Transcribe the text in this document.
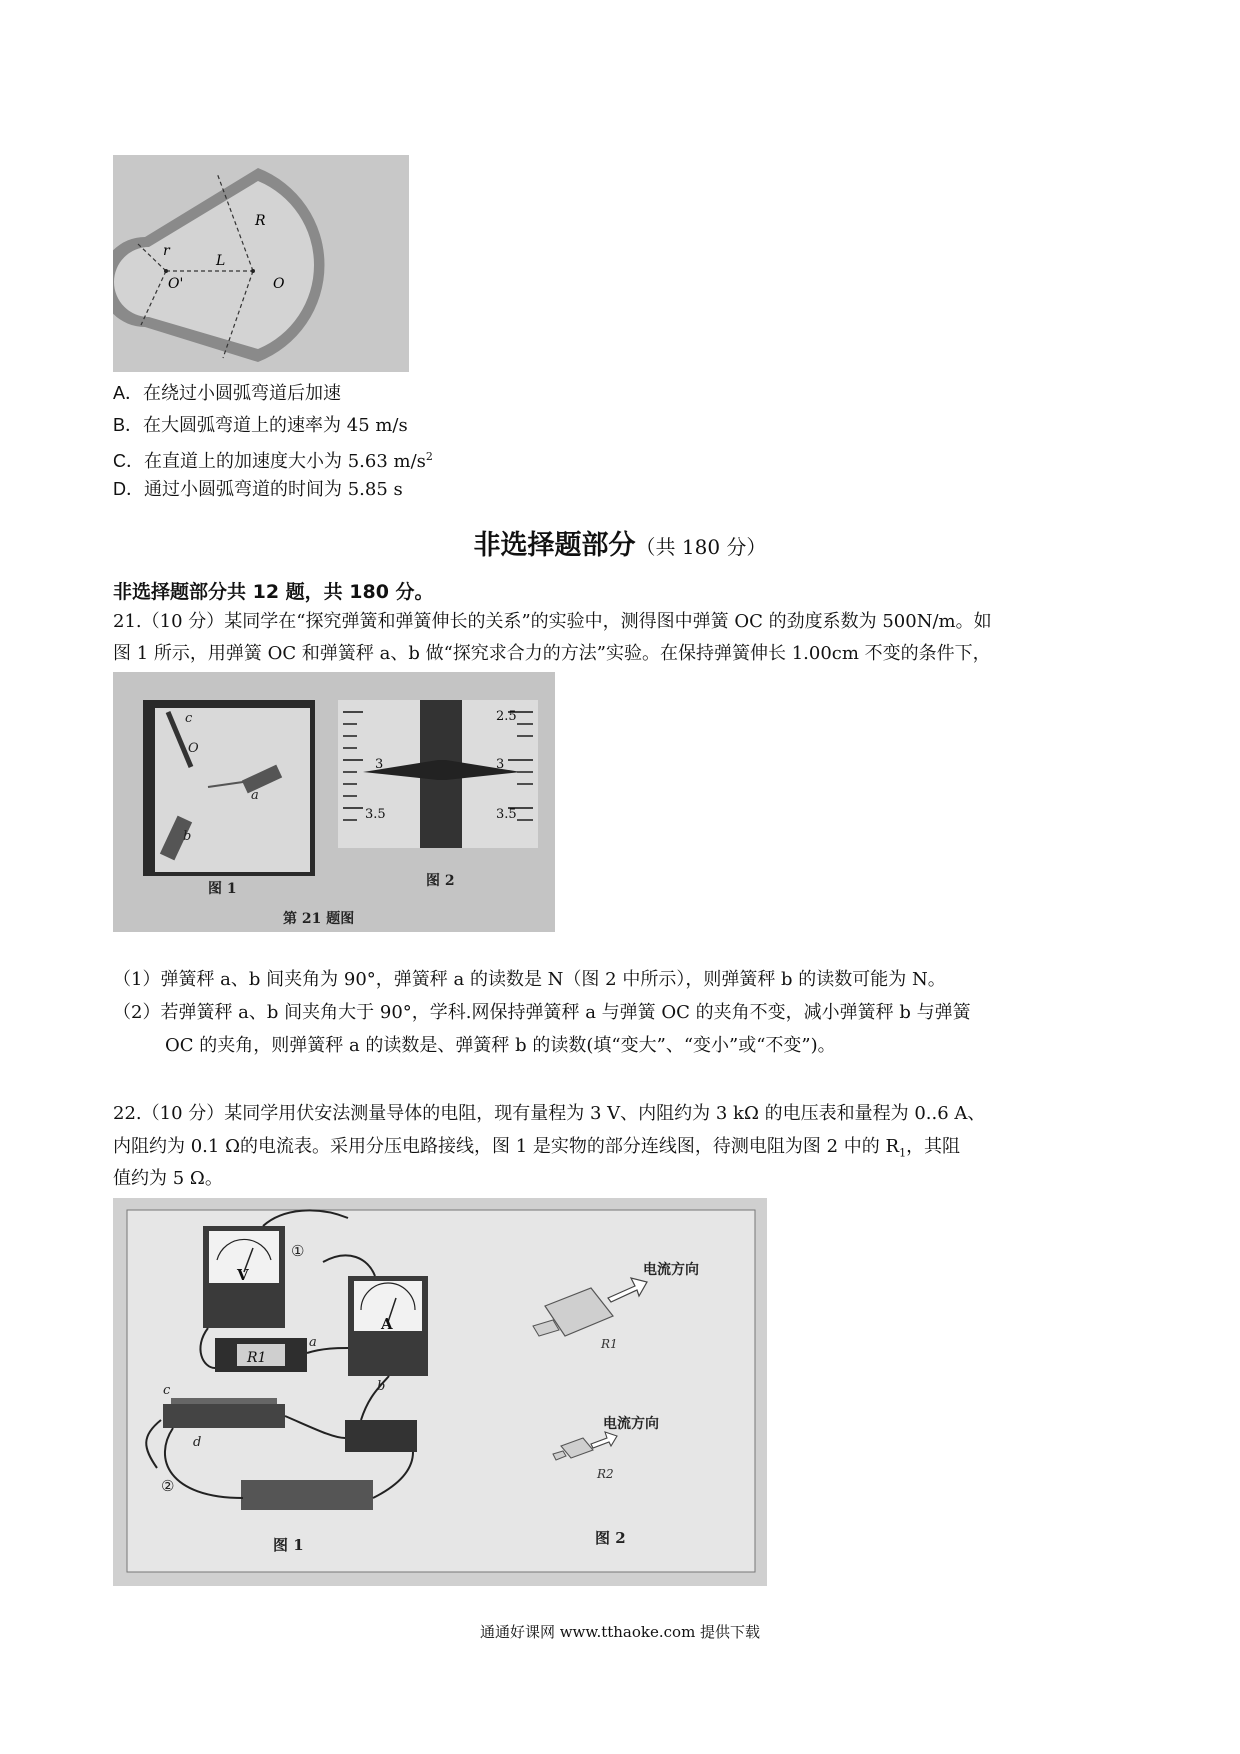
R
r
L
O'	O
A．在绕过小圆弧弯道后加速
B．在大圆弧弯道上的速率为 45 m/s
C．在直道上的加速度大小为 5.63 $m/s^2$
D．通过小圆弧弯道的时间为 5.85 s
非选择题部分（共 180 分）
非选择题部分共 12 题，共 180 分。
21.（10 分）某同学在“探究弹簧和弹簧伸长的关系”的实验中，测得图中弹簧 OC 的劲度系数为 500N/m。如
图 1 所示，用弹簧 OC 和弹簧秤 a、b 做“探究求合力的方法”实验。在保持弹簧伸长 1.00cm 不变的条件下，
c
O
a
b
3
3.5
2.5
3
3.5
图 1	图 2
第 21 题图
（1）弹簧秤 a、b 间夹角为 90°，弹簧秤 a 的读数是 N（图 2 中所示），则弹簧秤 b 的读数可能为 N。
（2）若弹簧秤 a、b 间夹角大于 90°，学科.网保持弹簧秤 a 与弹簧 OC 的夹角不变，减小弹簧秤 b 与弹簧
OC 的夹角，则弹簧秤 a 的读数是、弹簧秤 b 的读数(填“变大”、“变小”或“不变”)。
22.（10 分）某同学用伏安法测量导体的电阻，现有量程为 3 V、内阻约为 3 kΩ 的电压表和量程为 0..6 A、
内阻约为 0.1 Ω的电流表。采用分压电路接线，图 1 是实物的部分连线图，待测电阻为图 2 中的 $R_1$，其阻
值约为 5 Ω。
V
A
R1
①
②
a
b
c
d
电流方向
R1
电流方向
R2
图 1	图 2
通通好课网 www.tthaoke.com 提供下载
